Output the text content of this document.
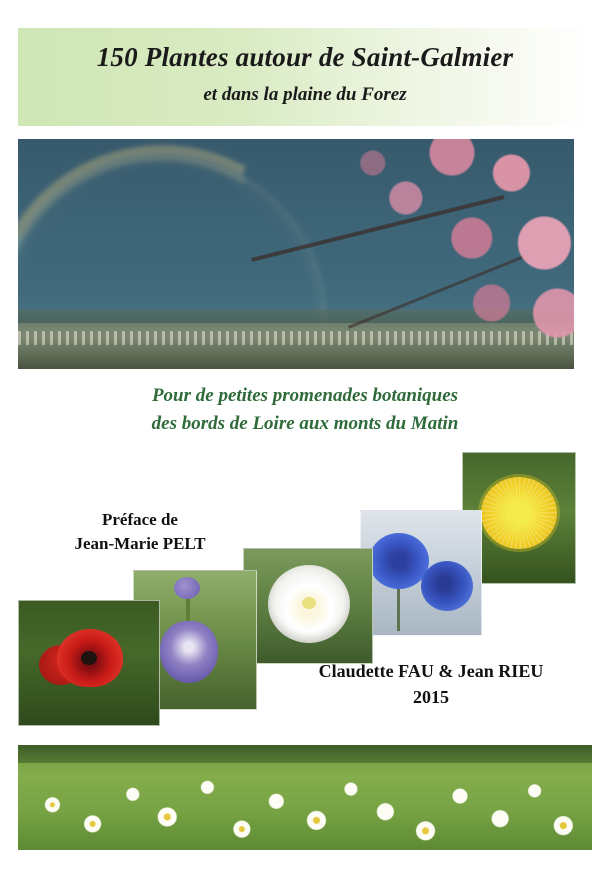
150 Plantes autour de Saint-Galmier
et dans la plaine du Forez
Pour de petites promenades botaniques
des bords de Loire aux monts du Matin
Préface de
Jean-Marie PELT
Claudette FAU & Jean RIEU
2015
